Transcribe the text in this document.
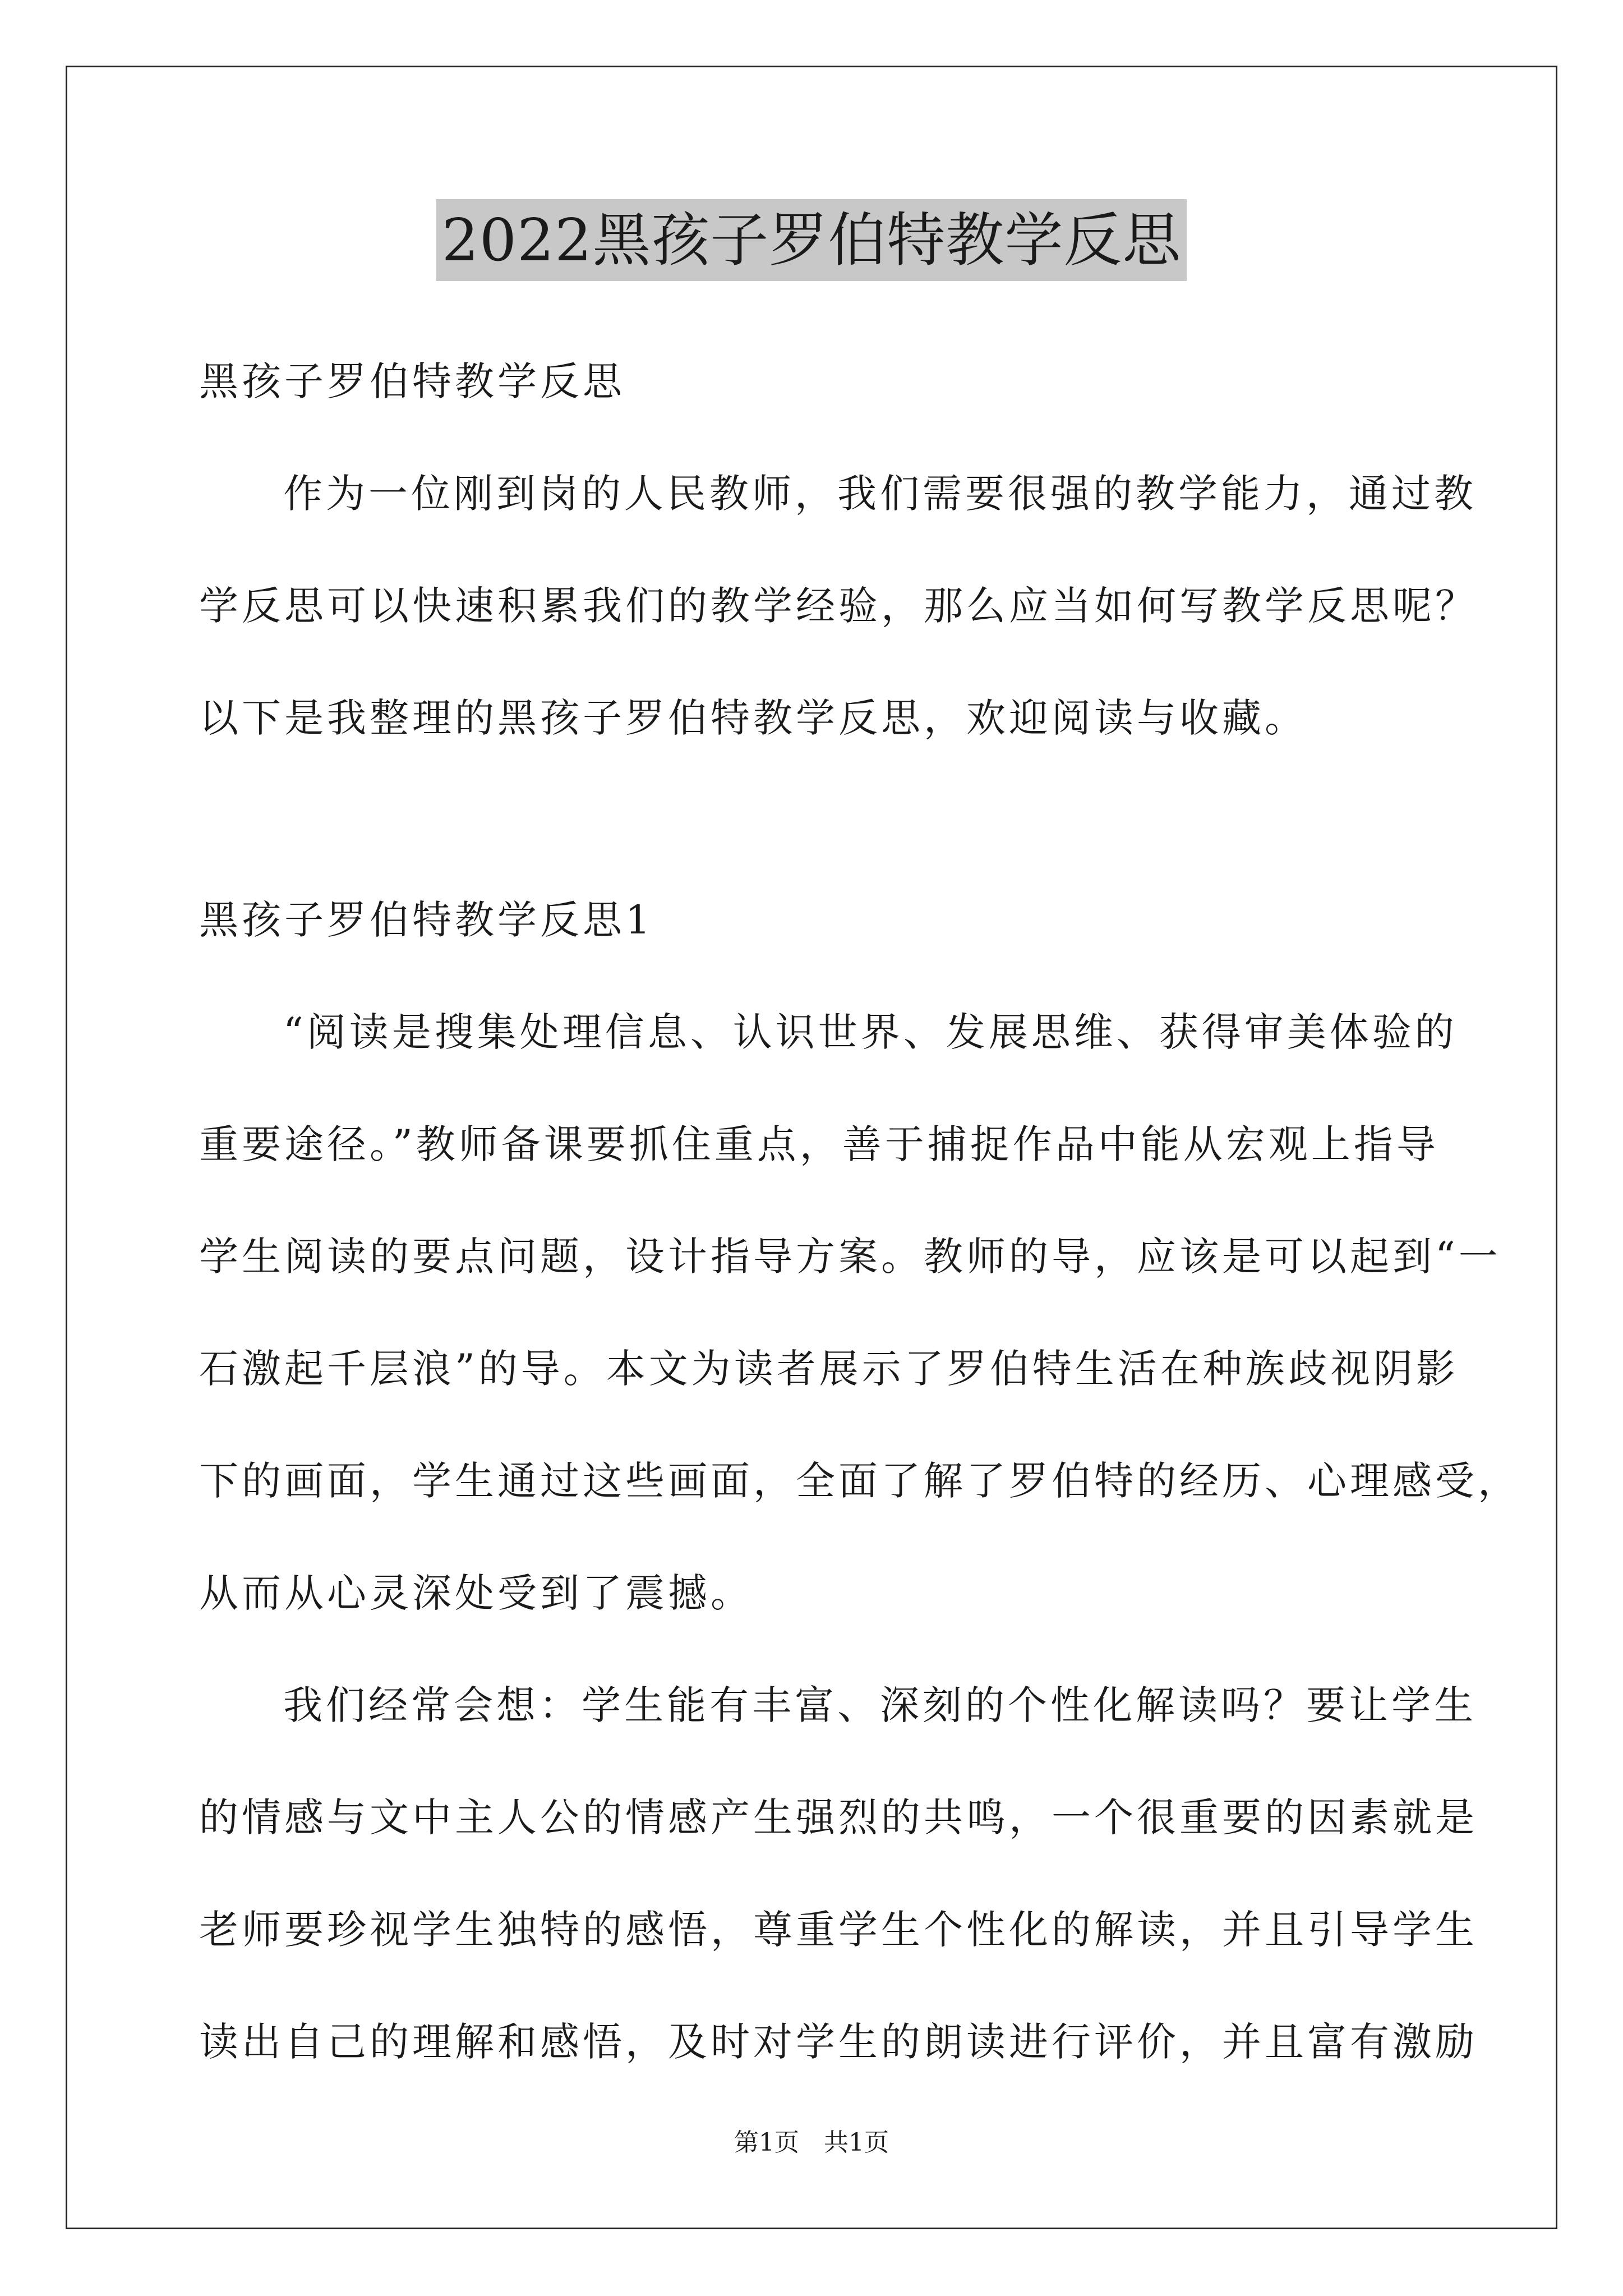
2022黑孩子罗伯特教学反思
黑孩子罗伯特教学反思
作为一位刚到岗的人民教师，我们需要很强的教学能力，通过教
学反思可以快速积累我们的教学经验，那么应当如何写教学反思呢？
以下是我整理的黑孩子罗伯特教学反思，欢迎阅读与收藏。
黑孩子罗伯特教学反思1
“阅读是搜集处理信息、认识世界、发展思维、获得审美体验的
重要途径。”教师备课要抓住重点，善于捕捉作品中能从宏观上指导
学生阅读的要点问题，设计指导方案。教师的导，应该是可以起到“一
石激起千层浪”的导。本文为读者展示了罗伯特生活在种族歧视阴影
下的画面，学生通过这些画面，全面了解了罗伯特的经历、心理感受，
从而从心灵深处受到了震撼。
我们经常会想：学生能有丰富、深刻的个性化解读吗？要让学生
的情感与文中主人公的情感产生强烈的共鸣，一个很重要的因素就是
老师要珍视学生独特的感悟，尊重学生个性化的解读，并且引导学生
读出自己的理解和感悟，及时对学生的朗读进行评价，并且富有激励
第1页　共1页
